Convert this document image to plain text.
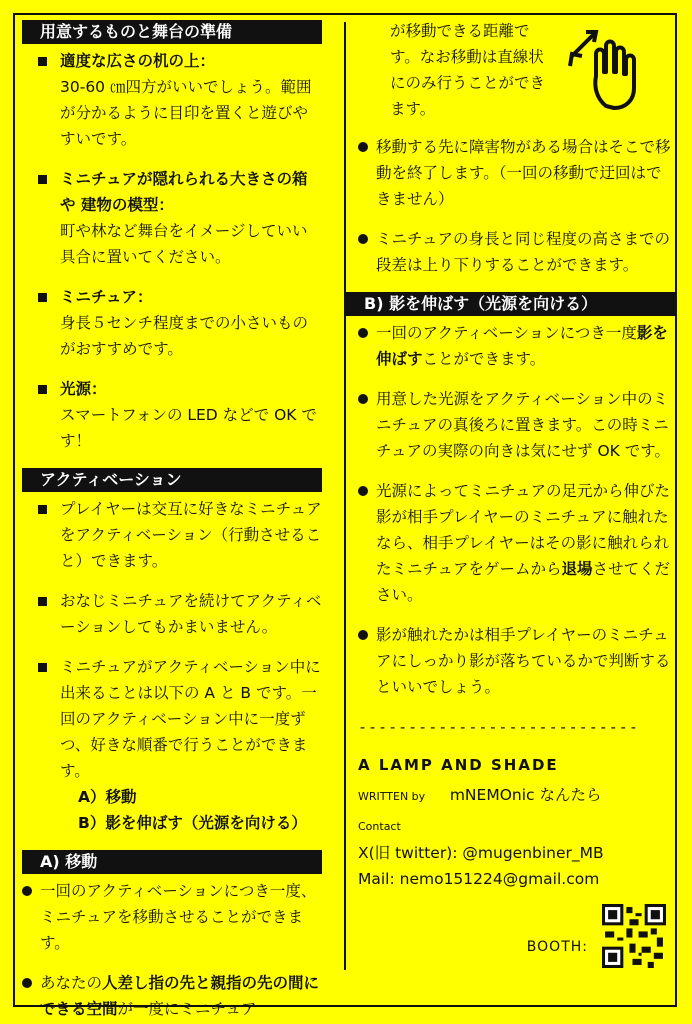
用意するものと舞台の準備
適度な広さの机の上：
30-60 ㎝四方がいいでしょう。範囲が分かるように目印を置くと遊びやすいです。
ミニチュアが隠れられる大きさの箱 や 建物の模型：
町や林など舞台をイメージしていい具合に置いてください。
ミニチュア：
身長５センチ程度までの小さいものがおすすめです。
光源：
スマートフォンの LED などで OK です！
アクティベーション
プレイヤーは交互に好きなミニチュアをアクティベーション（行動させること）できます。
おなじミニチュアを続けてアクティベーションしてもかまいません。
ミニチュアがアクティベーション中に出来ることは以下の A と B です。一回のアクティベーション中に一度ずつ、好きな順番で行うことができます。
A）移動
B）影を伸ばす（光源を向ける）
A) 移動
一回のアクティベーションにつき一度、ミニチュアを移動させることができます。
あなたの人差し指の先と親指の先の間にできる空間が一度にミニチュア
が移動できる距離です。なお移動は直線状にのみ行うことができます。
移動する先に障害物がある場合はそこで移動を終了します。（一回の移動で迂回はできません）
ミニチュアの身長と同じ程度の高さまでの段差は上り下りすることができます。
B) 影を伸ばす（光源を向ける）
一回のアクティベーションにつき一度影を伸ばすことができます。
用意した光源をアクティベーション中のミニチュアの真後ろに置きます。この時ミニチュアの実際の向きは気にせず OK です。
光源によってミニチュアの足元から伸びた影が相手プレイヤーのミニチュアに触れたなら、相手プレイヤーはその影に触れられたミニチュアをゲームから退場させてください。
影が触れたかは相手プレイヤーのミニチュアにしっかり影が落ちているかで判断するといいでしょう。
----------------------------
A LAMP AND SHADE
WRITTEN by mNEMOnic なんたら
Contact
X(旧 twitter): @mugenbiner_MB
Mail: nemo151224@gmail.com
BOOTH:
